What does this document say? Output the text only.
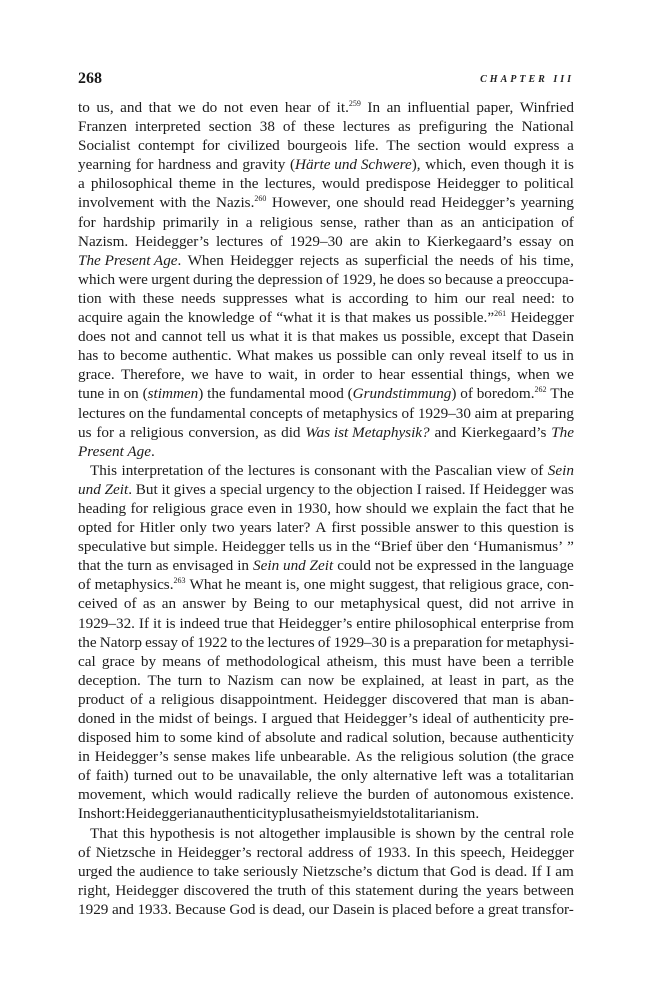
268	CHAPTER III
to us, and that we do not even hear of it.$^{259}$ In an influential paper, Winfried
Franzen interpreted section 38 of these lectures as prefiguring the National
Socialist contempt for civilized bourgeois life. The section would express a
yearning for hardness and gravity (Härte und Schwere), which, even though it is
a philosophical theme in the lectures, would predispose Heidegger to political
involvement with the Nazis.$^{260}$ However, one should read Heidegger’s yearning
for hardship primarily in a religious sense, rather than as an anticipation of
Nazism. Heidegger’s lectures of 1929–30 are akin to Kierkegaard’s essay on
The Present Age. When Heidegger rejects as superficial the needs of his time,
which were urgent during the depression of 1929, he does so because a preoccupa-
tion with these needs suppresses what is according to him our real need: to
acquire again the knowledge of “what it is that makes us possible.”$^{261}$ Heidegger
does not and cannot tell us what it is that makes us possible, except that Dasein
has to become authentic. What makes us possible can only reveal itself to us in
grace. Therefore, we have to wait, in order to hear essential things, when we
tune in on (stimmen) the fundamental mood (Grundstimmung) of boredom.$^{262}$ The
lectures on the fundamental concepts of metaphysics of 1929–30 aim at preparing
us for a religious conversion, as did Was ist Metaphysik? and Kierkegaard’s The
Present Age.
This interpretation of the lectures is consonant with the Pascalian view of Sein
und Zeit. But it gives a special urgency to the objection I raised. If Heidegger was
heading for religious grace even in 1930, how should we explain the fact that he
opted for Hitler only two years later? A first possible answer to this question is
speculative but simple. Heidegger tells us in the “Brief über den ‘Humanismus’ ”
that the turn as envisaged in Sein und Zeit could not be expressed in the language
of metaphysics.$^{263}$ What he meant is, one might suggest, that religious grace, con-
ceived of as an answer by Being to our metaphysical quest, did not arrive in
1929–32. If it is indeed true that Heidegger’s entire philosophical enterprise from
the Natorp essay of 1922 to the lectures of 1929–30 is a preparation for metaphysi-
cal grace by means of methodological atheism, this must have been a terrible
deception. The turn to Nazism can now be explained, at least in part, as the
product of a religious disappointment. Heidegger discovered that man is aban-
doned in the midst of beings. I argued that Heidegger’s ideal of authenticity pre-
disposed him to some kind of absolute and radical solution, because authenticity
in Heidegger’s sense makes life unbearable. As the religious solution (the grace
of faith) turned out to be unavailable, the only alternative left was a totalitarian
movement, which would radically relieve the burden of autonomous existence.
In short: Heideggerian authenticity plus atheism yields totalitarianism.
That this hypothesis is not altogether implausible is shown by the central role
of Nietzsche in Heidegger’s rectoral address of 1933. In this speech, Heidegger
urged the audience to take seriously Nietzsche’s dictum that God is dead. If I am
right, Heidegger discovered the truth of this statement during the years between
1929 and 1933. Because God is dead, our Dasein is placed before a great transfor-
